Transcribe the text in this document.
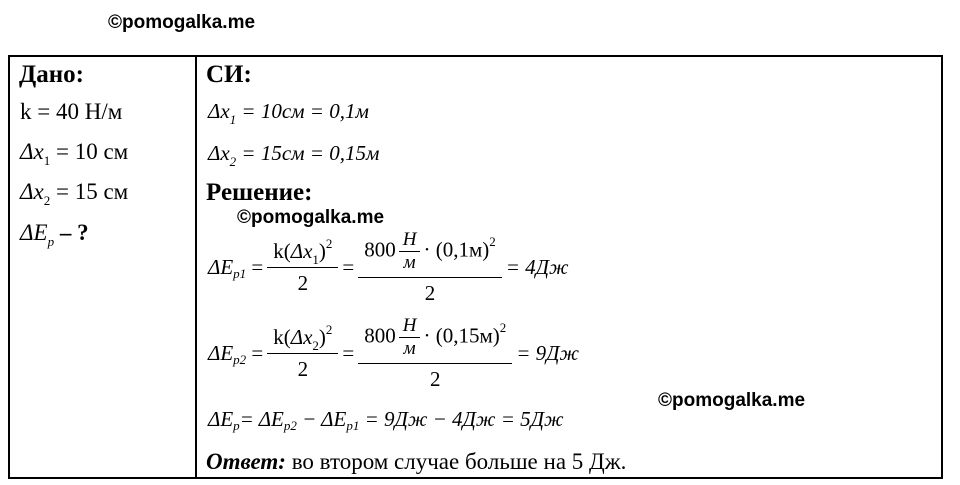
©pomogalka.me
Дано:
k = 40 Н/м
$\Delta x_1 = 10$ см
$\Delta x_2 = 15$ см
$\Delta E_p$ – ?
СИ:
$\Delta x_1 = 10см = 0,1м$
$\Delta x_2 = 15см = 0,15м$
Решение:
ΔE $p1 = \frac{k(\Delta x_1)^2}{2} = \frac{800 \frac{Н}{м} \cdot (0,1м)^2}{2} = 4Дж$
ΔE $p2 = \frac{k(\Delta x_2)^2}{2} = \frac{800 \frac{Н}{м} \cdot (0,15м)^2}{2} = 9Дж$
ΔE p = ΔE p2 − ΔE p1
= 9Дж − 4Дж = 5Дж
Ответ: во втором случае больше на 5 Дж.
©pomogalka.me
©pomogalka.me
